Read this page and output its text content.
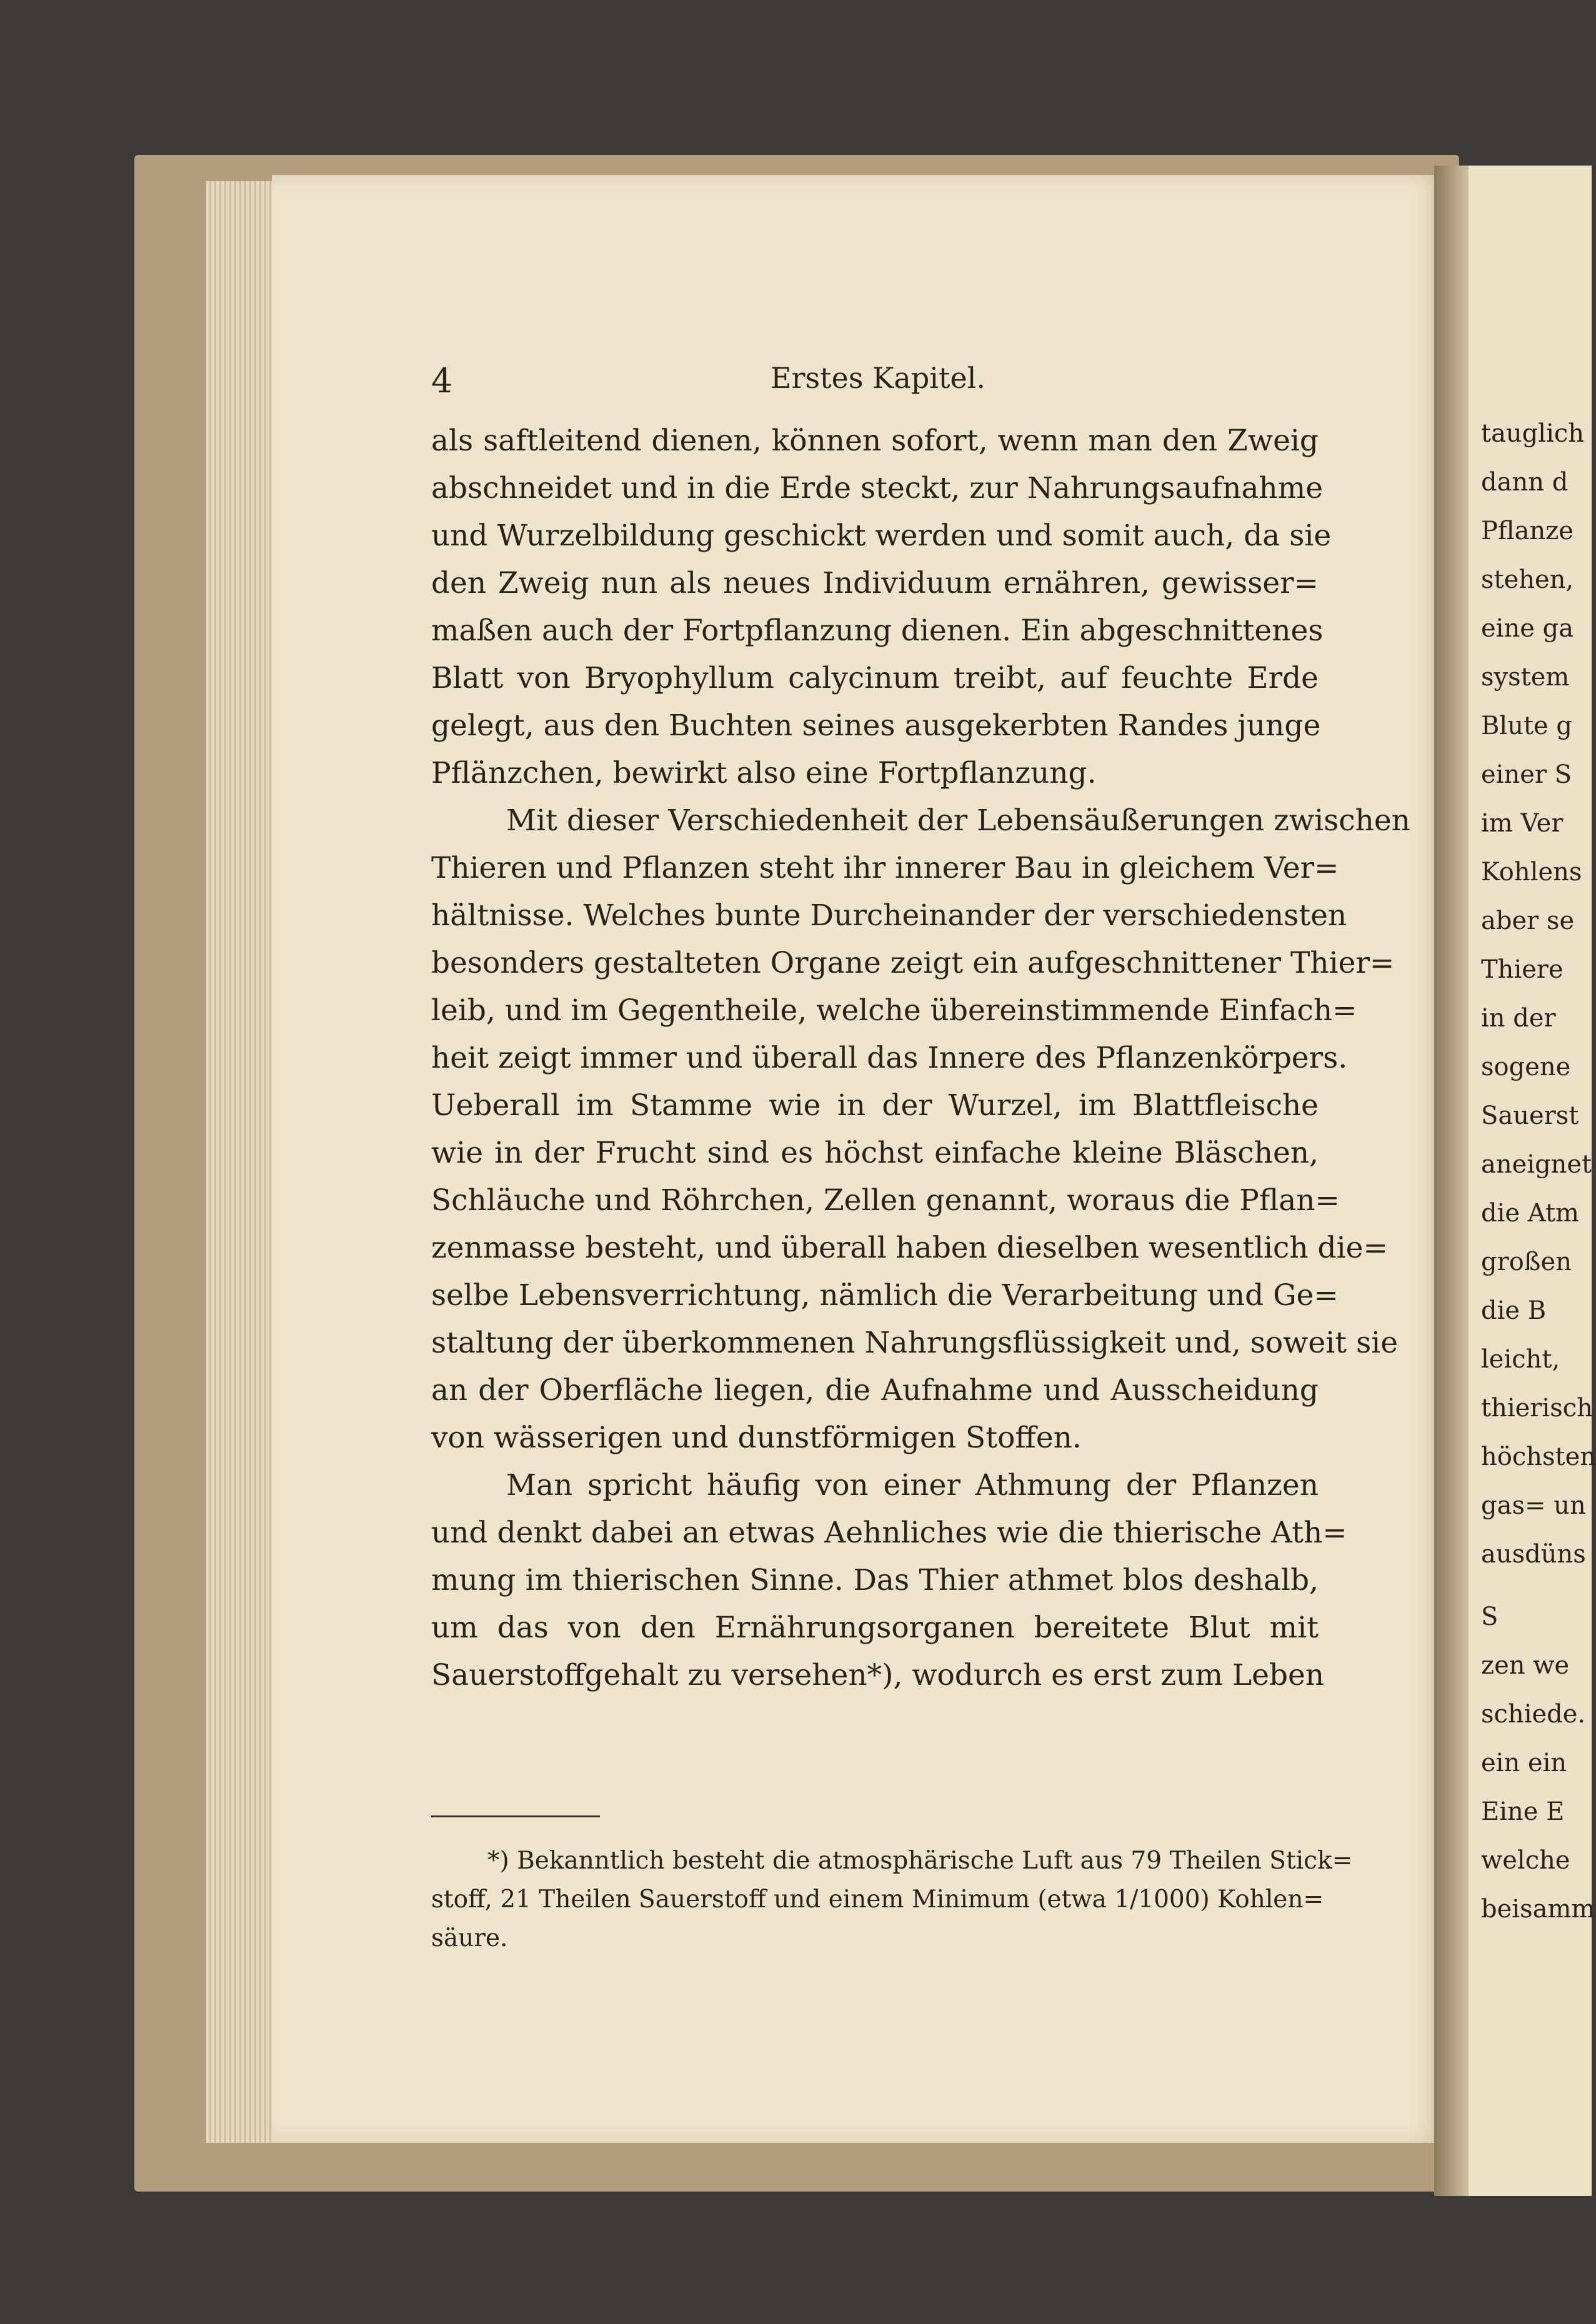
4	Erstes Kapitel.
als saftleitend dienen, können sofort, wenn man den Zweig
abschneidet und in die Erde steckt, zur Nahrungsaufnahme
und Wurzelbildung geschickt werden und somit auch, da sie
den Zweig nun als neues Individuum ernähren, gewisser=
maßen auch der Fortpflanzung dienen. Ein abgeschnittenes
Blatt von Bryophyllum calycinum treibt, auf feuchte Erde
gelegt, aus den Buchten seines ausgekerbten Randes junge
Pflänzchen, bewirkt also eine Fortpflanzung.
Mit dieser Verschiedenheit der Lebensäußerungen zwischen
Thieren und Pflanzen steht ihr innerer Bau in gleichem Ver=
hältnisse. Welches bunte Durcheinander der verschiedensten
besonders gestalteten Organe zeigt ein aufgeschnittener Thier=
leib, und im Gegentheile, welche übereinstimmende Einfach=
heit zeigt immer und überall das Innere des Pflanzenkörpers.
Ueberall im Stamme wie in der Wurzel, im Blattfleische
wie in der Frucht sind es höchst einfache kleine Bläschen,
Schläuche und Röhrchen, Zellen genannt, woraus die Pflan=
zenmasse besteht, und überall haben dieselben wesentlich die=
selbe Lebensverrichtung, nämlich die Verarbeitung und Ge=
staltung der überkommenen Nahrungsflüssigkeit und, soweit sie
an der Oberfläche liegen, die Aufnahme und Ausscheidung
von wässerigen und dunstförmigen Stoffen.
Man spricht häufig von einer Athmung der Pflanzen
und denkt dabei an etwas Aehnliches wie die thierische Ath=
mung im thierischen Sinne. Das Thier athmet blos deshalb,
um das von den Ernährungsorganen bereitete Blut mit
Sauerstoffgehalt zu versehen*), wodurch es erst zum Leben
*) Bekanntlich besteht die atmosphärische Luft aus 79 Theilen Stick=
stoff, 21 Theilen Sauerstoff und einem Minimum (etwa 1/1000) Kohlen=
säure.
tauglich
dann d
Pflanze
stehen,
eine ga
system
Blute g
einer S
im Ver
Kohlens
aber se
Thiere
in der
sogene
Sauerst
aneignet
die Atm
großen
die B
leicht,
thierisch
höchsten
gas= un
ausdüns
S
zen we
schiede.
ein ein
Eine E
welche
beisamm
